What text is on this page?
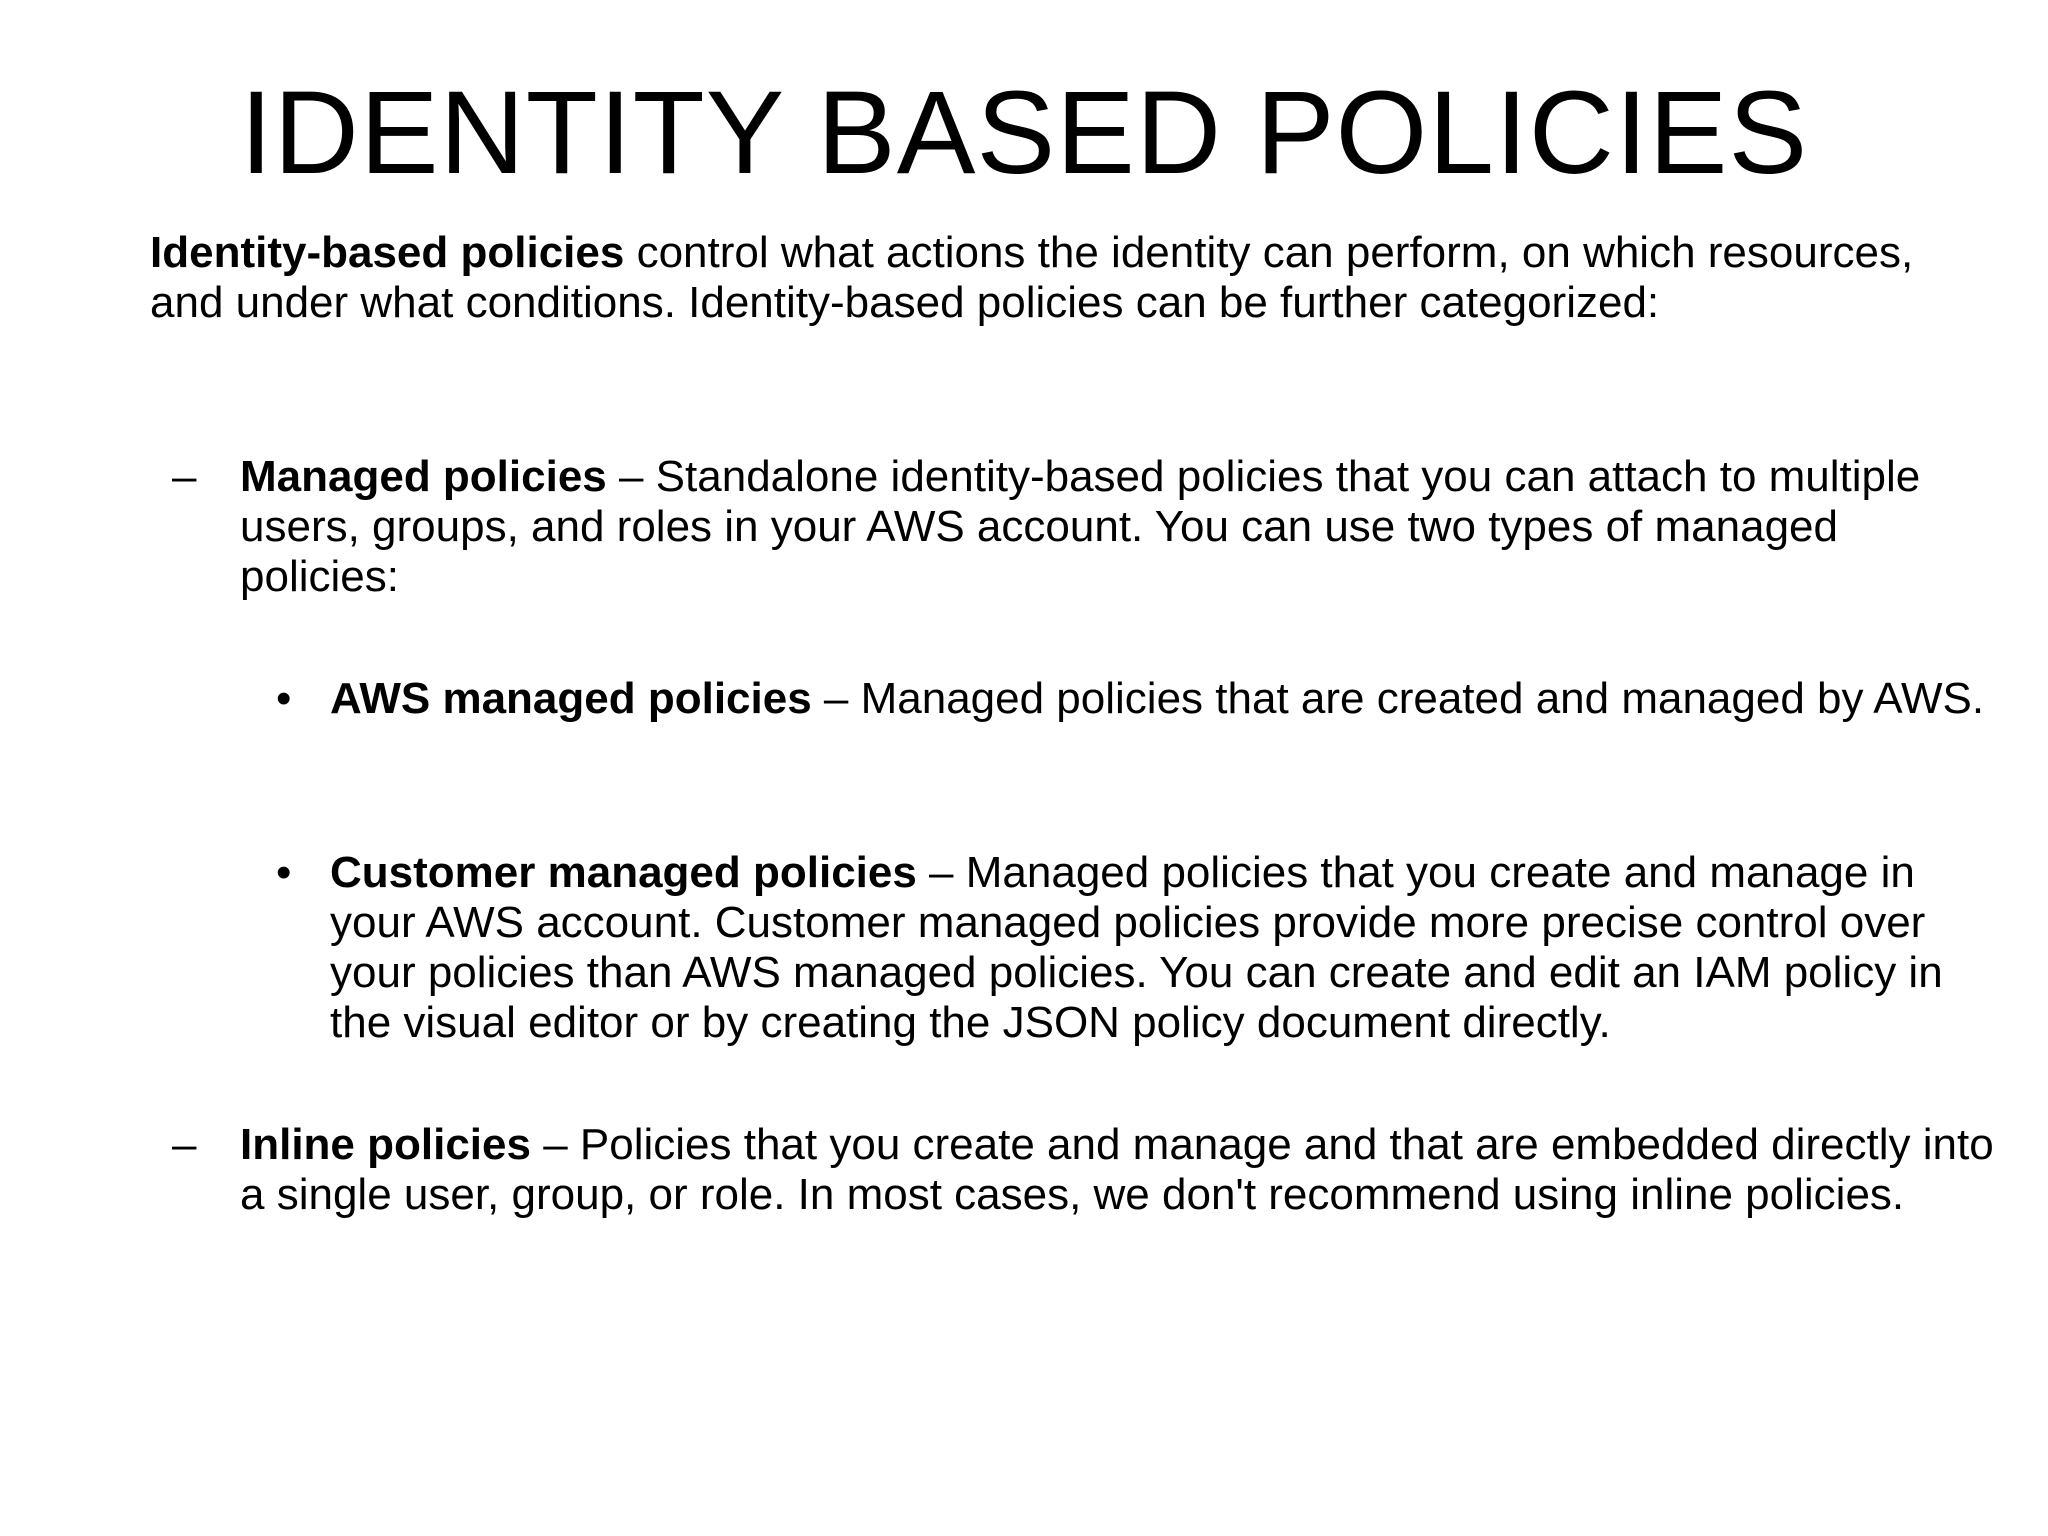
IDENTITY BASED POLICIES
Identity-based policies control what actions the identity can perform, on which resources, and under what conditions. Identity-based policies can be further categorized:
– Managed policies – Standalone identity-based policies that you can attach to multiple users, groups, and roles in your AWS account. You can use two types of managed policies:
• AWS managed policies – Managed policies that are created and managed by AWS.
• Customer managed policies – Managed policies that you create and manage in your AWS account. Customer managed policies provide more precise control over your policies than AWS managed policies. You can create and edit an IAM policy in the visual editor or by creating the JSON policy document directly.
– Inline policies – Policies that you create and manage and that are embedded directly into a single user, group, or role. In most cases, we don't recommend using inline policies.
